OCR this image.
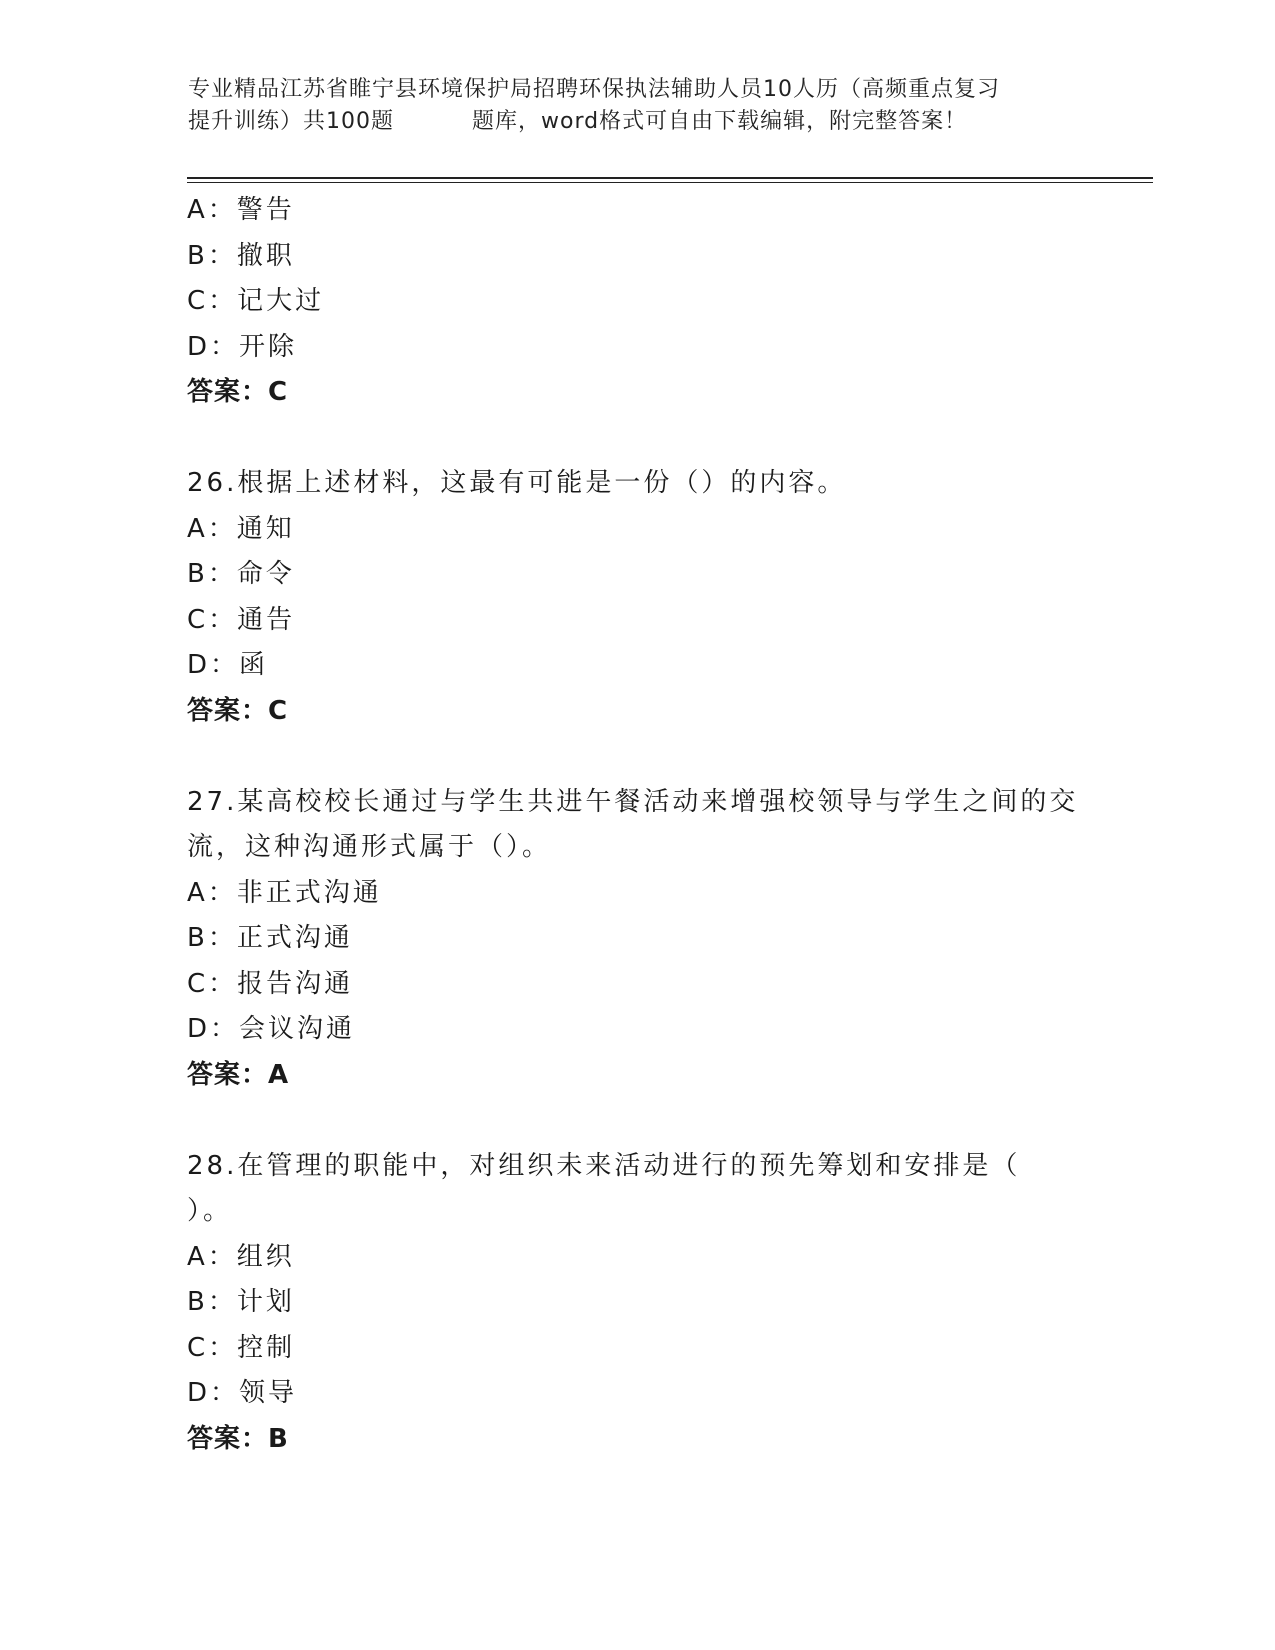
专业精品江苏省睢宁县环境保护局招聘环保执法辅助人员10人历（高频重点复习
提升训练）共100题	题库，word格式可自由下载编辑，附完整答案！
A：警告
B：撤职
C：记大过
D：开除
答案：C
26.根据上述材料，这最有可能是一份（）的内容。
A：通知
B：命令
C：通告
D：函
答案：C
27.某高校校长通过与学生共进午餐活动来增强校领导与学生之间的交
流，这种沟通形式属于（）。
A：非正式沟通
B：正式沟通
C：报告沟通
D：会议沟通
答案：A
28.在管理的职能中，对组织未来活动进行的预先筹划和安排是（
）。
A：组织
B：计划
C：控制
D：领导
答案：B
